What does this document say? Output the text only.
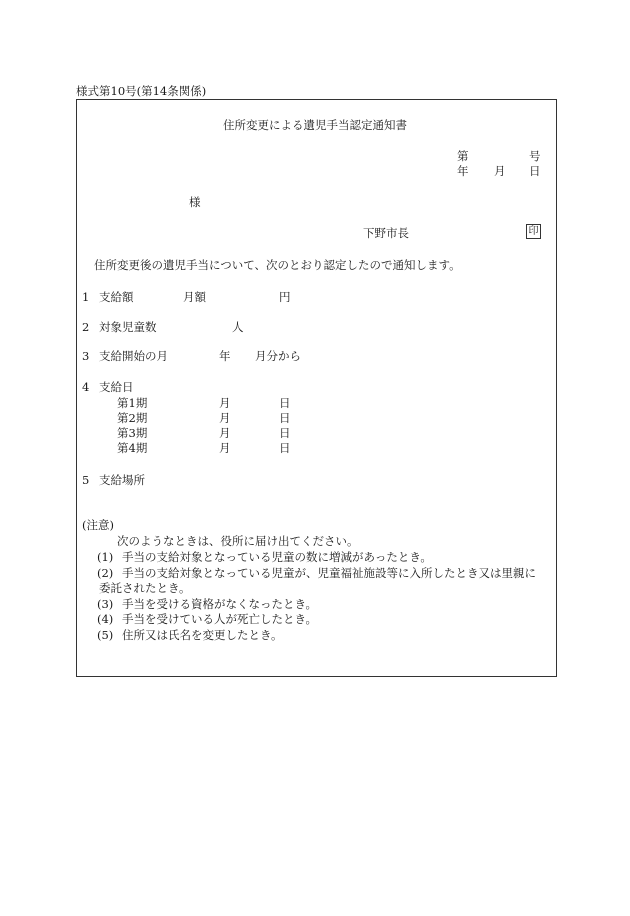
様式第10号(第14条関係)
住所変更による遺児手当認定通知書
第	号
年 月 日
様
下野市長	印
住所変更後の遺児手当について、次のとおり認定したので通知します。
1 支給額	月額	円
2 対象児童数	人
3 支給開始の月	年 月分から
4 支給日
第1期	月	日
第2期	月	日
第3期	月	日
第4期	月	日
5 支給場所
(注意)
次のようなときは、役所に届け出てください。
(1) 手当の支給対象となっている児童の数に増減があったとき。
(2) 手当の支給対象となっている児童が、児童福祉施設等に入所したとき又は里親に
委託されたとき。
(3) 手当を受ける資格がなくなったとき。
(4) 手当を受けている人が死亡したとき。
(5) 住所又は氏名を変更したとき。
